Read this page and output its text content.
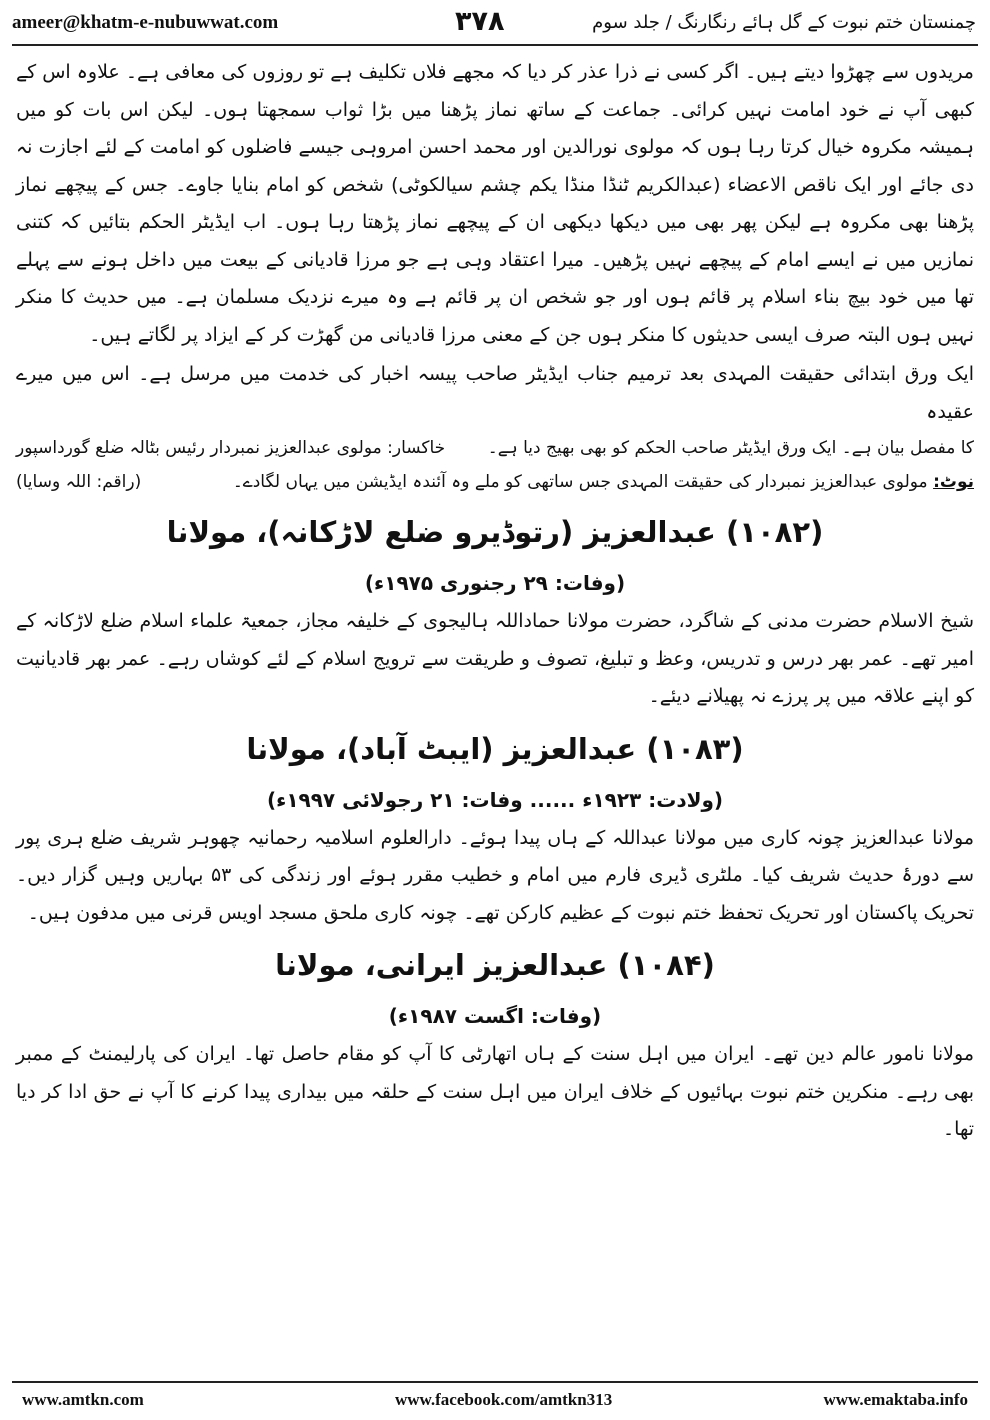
ameer@khatm-e-nubuwwat.com	۳۷۸	چمنستان ختم نبوت کے گل ہائے رنگارنگ / جلد سوم

مریدوں سے چھڑوا دیتے ہیں۔ اگر کسی نے ذرا عذر کر دیا کہ مجھے فلاں تکلیف ہے تو روزوں کی معافی ہے۔ علاوہ اس کے کبھی آپ نے خود امامت نہیں کرائی۔ جماعت کے ساتھ نماز پڑھنا میں بڑا ثواب سمجھتا ہوں۔ لیکن اس بات کو میں ہمیشہ مکروہ خیال کرتا رہا ہوں کہ مولوی نورالدین اور محمد احسن امروہی جیسے فاضلوں کو امامت کے لئے اجازت نہ دی جائے اور ایک ناقص الاعضاء (عبدالکریم ٹنڈا منڈا یکم چشم سیالکوٹی) شخص کو امام بنایا جاوے۔ جس کے پیچھے نماز پڑھنا بھی مکروہ ہے لیکن پھر بھی میں دیکھا دیکھی ان کے پیچھے نماز پڑھتا رہا ہوں۔ اب ایڈیٹر الحکم بتائیں کہ کتنی نمازیں میں نے ایسے امام کے پیچھے نہیں پڑھیں۔ میرا اعتقاد وہی ہے جو مرزا قادیانی کے بیعت میں داخل ہونے سے پہلے تھا میں خود بیچ بناء اسلام پر قائم ہوں اور جو شخص ان پر قائم ہے وہ میرے نزدیک مسلمان ہے۔ میں حدیث کا منکر نہیں ہوں البتہ صرف ایسی حدیثوں کا منکر ہوں جن کے معنی مرزا قادیانی من گھڑت کر کے ایزاد پر لگاتے ہیں۔

ایک ورق ابتدائی حقیقت المہدی بعد ترمیم جناب ایڈیٹر صاحب پیسہ اخبار کی خدمت میں مرسل ہے۔ اس میں میرے عقیدہ

کا مفصل بیان ہے۔ ایک ورق ایڈیٹر صاحب الحکم کو بھی بھیج دیا ہے۔
خاکسار: مولوی عبدالعزیز نمبردار رئیس بٹالہ ضلع گورداسپور
نوٹ: مولوی عبدالعزیز نمبردار کی حقیقت المہدی جس ساتھی کو ملے وہ آئندہ ایڈیشن میں یہاں لگادے۔
(راقم: اللہ وسایا)
(۱۰۸۲) عبدالعزیز (رتوڈیرو ضلع لاڑکانہ)، مولانا

(وفات: ۲۹ رجنوری ۱۹۷۵ء)

شیخ الاسلام حضرت مدنی کے شاگرد، حضرت مولانا حماداللہ ہالیجوی کے خلیفہ مجاز، جمعیۃ علماء اسلام ضلع لاڑکانہ کے امیر تھے۔ عمر بھر درس و تدریس، وعظ و تبلیغ، تصوف و طریقت سے ترویج اسلام کے لئے کوشاں رہے۔ عمر بھر قادیانیت کو اپنے علاقہ میں پر پرزے نہ پھیلانے دیئے۔

(۱۰۸۳) عبدالعزیز (ایبٹ آباد)، مولانا

(ولادت: ۱۹۲۳ء ...... وفات: ۲۱ رجولائی ۱۹۹۷ء)

مولانا عبدالعزیز چونہ کاری میں مولانا عبداللہ کے ہاں پیدا ہوئے۔ دارالعلوم اسلامیہ رحمانیہ چھوہر شریف ضلع ہری پور سے دورۂ حدیث شریف کیا۔ ملٹری ڈیری فارم میں امام و خطیب مقرر ہوئے اور زندگی کی ۵۳ بہاریں وہیں گزار دیں۔ تحریک پاکستان اور تحریک تحفظ ختم نبوت کے عظیم کارکن تھے۔ چونہ کاری ملحق مسجد اویس قرنی میں مدفون ہیں۔

(۱۰۸۴) عبدالعزیز ایرانی، مولانا

(وفات: اگست ۱۹۸۷ء)

مولانا نامور عالم دین تھے۔ ایران میں اہل سنت کے ہاں اتھارٹی کا آپ کو مقام حاصل تھا۔ ایران کی پارلیمنٹ کے ممبر بھی رہے۔ منکرین ختم نبوت بہائیوں کے خلاف ایران میں اہل سنت کے حلقہ میں بیداری پیدا کرنے کا آپ نے حق ادا کر دیا تھا۔

www.amtkn.com	www.facebook.com/amtkn313	www.emaktaba.info
